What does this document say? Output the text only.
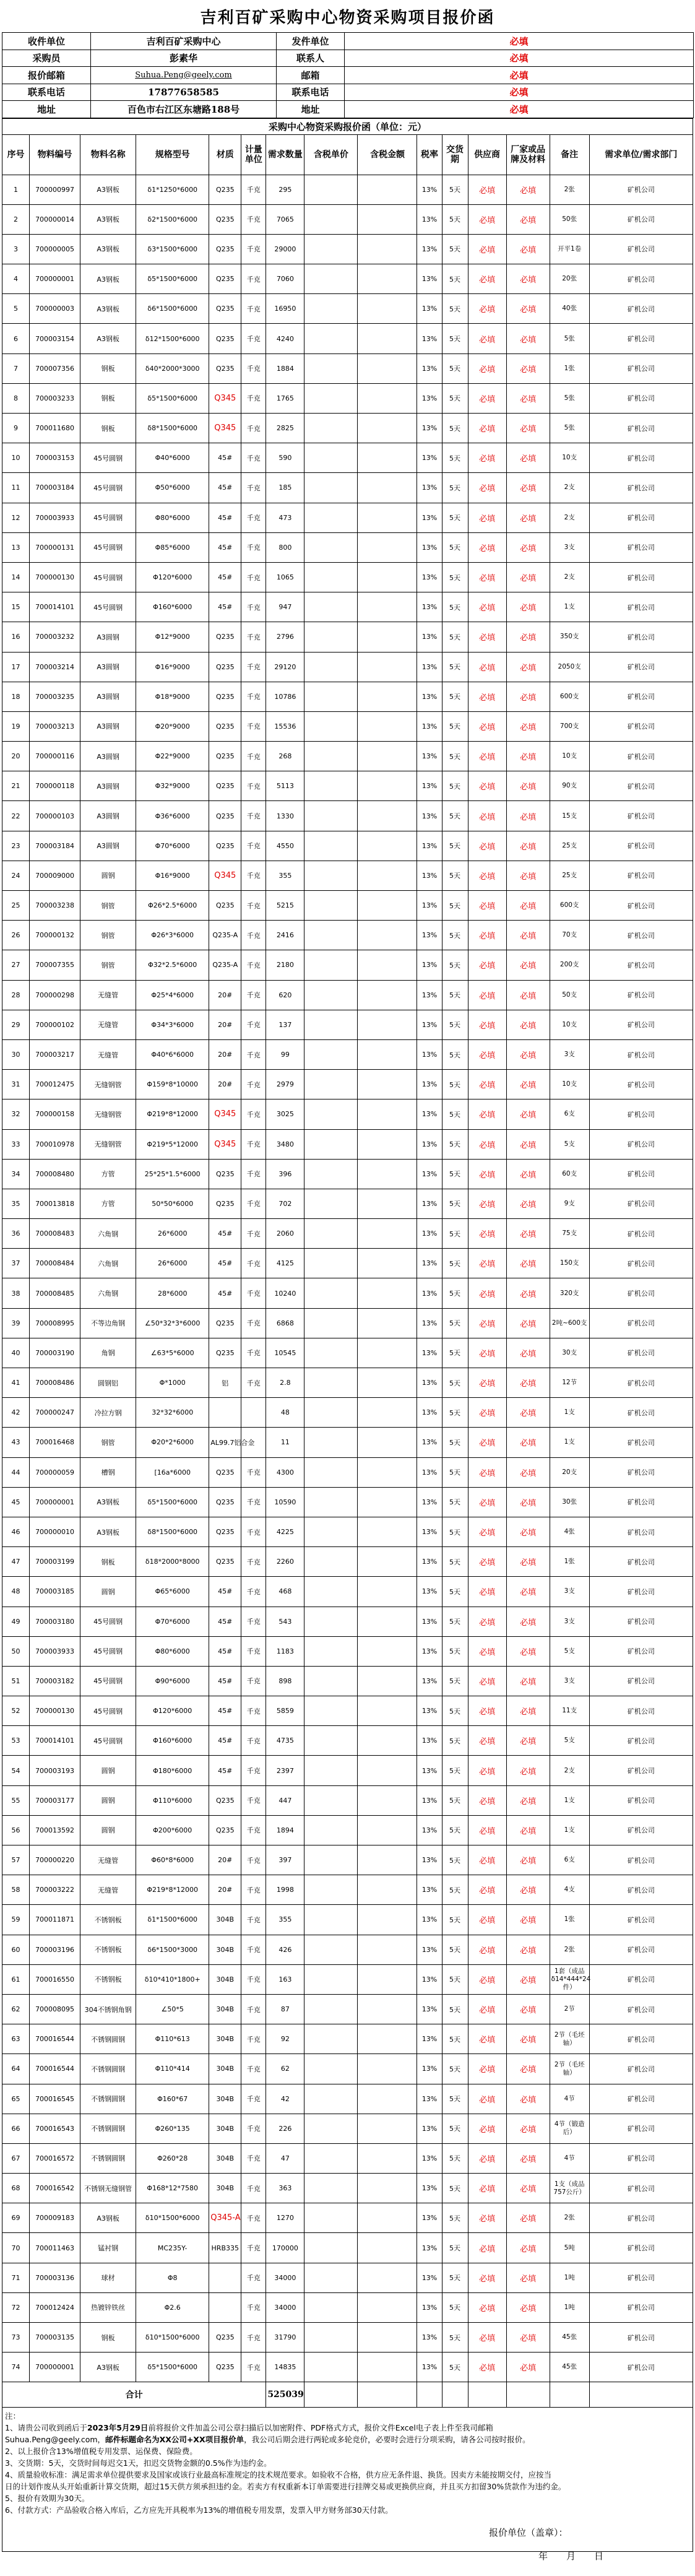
吉利百矿采购中心物资采购项目报价函
收件单位	吉利百矿采购中心	发件单位	必填
采购员	彭素华	联系人	必填
报价邮箱	Suhua.Peng@geely.com	邮箱	必填
联系电话	17877658585	联系电话	必填
地址	百色市右江区东塘路188号	地址	必填
采购中心物资采购报价函（单位：元）														
序号	物料编号	物料名称	规格型号	材质	计量单位	需求数量	含税单价	含税金额	税率	交货期	供应商	厂家或品牌及材料	备注	需求单位/需求部门
1	700000997	A3钢板	δ1*1250*6000	Q235	千克	295			13%	5天	必填	必填	2张	矿机公司
2	700000014	A3钢板	δ2*1500*6000	Q235	千克	7065			13%	5天	必填	必填	50张	矿机公司
3	700000005	A3钢板	δ3*1500*6000	Q235	千克	29000			13%	5天	必填	必填	开平1卷	矿机公司
4	700000001	A3钢板	δ5*1500*6000	Q235	千克	7060			13%	5天	必填	必填	20张	矿机公司
5	700000003	A3钢板	δ6*1500*6000	Q235	千克	16950			13%	5天	必填	必填	40张	矿机公司
6	700003154	A3钢板	δ12*1500*6000	Q235	千克	4240			13%	5天	必填	必填	5张	矿机公司
7	700007356	钢板	δ40*2000*3000	Q235	千克	1884			13%	5天	必填	必填	1张	矿机公司
8	700003233	钢板	δ5*1500*6000	Q345	千克	1765			13%	5天	必填	必填	5张	矿机公司
9	700011680	钢板	δ8*1500*6000	Q345	千克	2825			13%	5天	必填	必填	5张	矿机公司
10	700003153	45号圆钢	Φ40*6000	45#	千克	590			13%	5天	必填	必填	10支	矿机公司
11	700003184	45号圆钢	Φ50*6000	45#	千克	185			13%	5天	必填	必填	2支	矿机公司
12	700003933	45号圆钢	Φ80*6000	45#	千克	473			13%	5天	必填	必填	2支	矿机公司
13	700000131	45号圆钢	Φ85*6000	45#	千克	800			13%	5天	必填	必填	3支	矿机公司
14	700000130	45号圆钢	Φ120*6000	45#	千克	1065			13%	5天	必填	必填	2支	矿机公司
15	700014101	45号圆钢	Φ160*6000	45#	千克	947			13%	5天	必填	必填	1支	矿机公司
16	700003232	A3圆钢	Φ12*9000	Q235	千克	2796			13%	5天	必填	必填	350支	矿机公司
17	700003214	A3圆钢	Φ16*9000	Q235	千克	29120			13%	5天	必填	必填	2050支	矿机公司
18	700003235	A3圆钢	Φ18*9000	Q235	千克	10786			13%	5天	必填	必填	600支	矿机公司
19	700003213	A3圆钢	Φ20*9000	Q235	千克	15536			13%	5天	必填	必填	700支	矿机公司
20	700000116	A3圆钢	Φ22*9000	Q235	千克	268			13%	5天	必填	必填	10支	矿机公司
21	700000118	A3圆钢	Φ32*9000	Q235	千克	5113			13%	5天	必填	必填	90支	矿机公司
22	700000103	A3圆钢	Φ36*6000	Q235	千克	1330			13%	5天	必填	必填	15支	矿机公司
23	700003184	A3圆钢	Φ70*6000	Q235	千克	4550			13%	5天	必填	必填	25支	矿机公司
24	700009000	圆钢	Φ16*9000	Q345	千克	355			13%	5天	必填	必填	25支	矿机公司
25	700003238	钢管	Φ26*2.5*6000	Q235	千克	5215			13%	5天	必填	必填	600支	矿机公司
26	700000132	钢管	Φ26*3*6000	Q235-A	千克	2416			13%	5天	必填	必填	70支	矿机公司
27	700007355	钢管	Φ32*2.5*6000	Q235-A	千克	2180			13%	5天	必填	必填	200支	矿机公司
28	700000298	无缝管	Φ25*4*6000	20#	千克	620			13%	5天	必填	必填	50支	矿机公司
29	700000102	无缝管	Φ34*3*6000	20#	千克	137			13%	5天	必填	必填	10支	矿机公司
30	700003217	无缝管	Φ40*6*6000	20#	千克	99			13%	5天	必填	必填	3支	矿机公司
31	700012475	无缝钢管	Φ159*8*10000	20#	千克	2979			13%	5天	必填	必填	10支	矿机公司
32	700000158	无缝钢管	Φ219*8*12000	Q345	千克	3025			13%	5天	必填	必填	6支	矿机公司
33	700010978	无缝钢管	Φ219*5*12000	Q345	千克	3480			13%	5天	必填	必填	5支	矿机公司
34	700008480	方管	25*25*1.5*6000	Q235	千克	396			13%	5天	必填	必填	60支	矿机公司
35	700013818	方管	50*50*6000	Q235	千克	702			13%	5天	必填	必填	9支	矿机公司
36	700008483	六角钢	26*6000	45#	千克	2060			13%	5天	必填	必填	75支	矿机公司
37	700008484	六角钢	26*6000	45#	千克	4125			13%	5天	必填	必填	150支	矿机公司
38	700008485	六角钢	28*6000	45#	千克	10240			13%	5天	必填	必填	320支	矿机公司
39	700008995	不等边角钢	∠50*32*3*6000	Q235	千克	6868			13%	5天	必填	必填	2吨~600支	矿机公司
40	700003190	角钢	∠63*5*6000	Q235	千克	10545			13%	5天	必填	必填	30支	矿机公司
41	700008486	圆钢铝	Φ*1000	铝	千克	2.8			13%	5天	必填	必填	12节	矿机公司
42	700000247	冷拉方钢	32*32*6000			48			13%	5天	必填	必填	1支	矿机公司
43	700016468	钢管	Φ20*2*6000	AL99.7铝合金		11			13%	5天	必填	必填	1支	矿机公司
44	700000059	槽钢	[16a*6000	Q235	千克	4300			13%	5天	必填	必填	20支	矿机公司
45	700000001	A3钢板	δ5*1500*6000	Q235	千克	10590			13%	5天	必填	必填	30张	矿机公司
46	700000010	A3钢板	δ8*1500*6000	Q235	千克	4225			13%	5天	必填	必填	4张	矿机公司
47	700003199	钢板	δ18*2000*8000	Q235	千克	2260			13%	5天	必填	必填	1张	矿机公司
48	700003185	圆钢	Φ65*6000	45#	千克	468			13%	5天	必填	必填	3支	矿机公司
49	700003180	45号圆钢	Φ70*6000	45#	千克	543			13%	5天	必填	必填	3支	矿机公司
50	700003933	45号圆钢	Φ80*6000	45#	千克	1183			13%	5天	必填	必填	5支	矿机公司
51	700003182	45号圆钢	Φ90*6000	45#	千克	898			13%	5天	必填	必填	3支	矿机公司
52	700000130	45号圆钢	Φ120*6000	45#	千克	5859			13%	5天	必填	必填	11支	矿机公司
53	700014101	45号圆钢	Φ160*6000	45#	千克	4735			13%	5天	必填	必填	5支	矿机公司
54	700003193	圆钢	Φ180*6000	45#	千克	2397			13%	5天	必填	必填	2支	矿机公司
55	700003177	圆钢	Φ110*6000	Q235	千克	447			13%	5天	必填	必填	1支	矿机公司
56	700013592	圆钢	Φ200*6000	Q235	千克	1894			13%	5天	必填	必填	1支	矿机公司
57	700000220	无缝管	Φ60*8*6000	20#	千克	397			13%	5天	必填	必填	6支	矿机公司
58	700003222	无缝管	Φ219*8*12000	20#	千克	1998			13%	5天	必填	必填	4支	矿机公司
59	700011871	不锈钢板	δ1*1500*6000	304B	千克	355			13%	5天	必填	必填	1张	矿机公司
60	700003196	不锈钢板	δ6*1500*3000	304B	千克	426			13%	5天	必填	必填	2张	矿机公司
61	700016550	不锈钢板	δ10*410*1800+	304B	千克	163			13%	5天	必填	必填	1套（成品δ14*444*24件）	矿机公司
62	700008095	304不锈钢角钢	∠50*5	304B	千克	87			13%	5天	必填	必填	2节	矿机公司
63	700016544	不锈钢圆钢	Φ110*613	304B	千克	92			13%	5天	必填	必填	2节（毛坯轴）	矿机公司
64	700016544	不锈钢圆钢	Φ110*414	304B	千克	62			13%	5天	必填	必填	2节（毛坯轴）	矿机公司
65	700016545	不锈钢圆钢	Φ160*67	304B	千克	42			13%	5天	必填	必填	4节	矿机公司
66	700016543	不锈钢圆钢	Φ260*135	304B	千克	226			13%	5天	必填	必填	4节（锻造后）	矿机公司
67	700016572	不锈钢圆钢	Φ260*28	304B	千克	47			13%	5天	必填	必填	4节	矿机公司
68	700016542	不锈钢无缝钢管	Φ168*12*7580	304B	千克	363			13%	5天	必填	必填	1支（成品757公斤）	矿机公司
69	700009183	A3钢板	δ10*1500*6000	Q345-A	千克	1270			13%	5天	必填	必填	2张	矿机公司
70	700011463	锰衬钢	MC235Y-	HRB335	千克	170000			13%	5天	必填	必填	5吨	矿机公司
71	700003136	球材	Φ8		千克	34000			13%	5天	必填	必填	1吨	矿机公司
72	700012424	热镀锌铁丝	Φ2.6		千克	34000			13%	5天	必填	必填	1吨	矿机公司
73	700003135	钢板	δ10*1500*6000	Q235	千克	31790			13%	5天	必填	必填	45张	矿机公司
74	700000001	A3钢板	δ5*1500*6000	Q235	千克	14835			13%	5天	必填	必填	45张	矿机公司
合计						525039								

注：

1、请贵公司收到函后于2023年5月29日前将报价文件加盖公司公章扫描后以加密附件、PDF格式方式，报价文件Excel电子表上件至我司邮箱

Suhua.Peng@geely.com，邮件标题命名为XX公司+XX项目报价单，我公司后期会进行两轮或多轮竞价，必要时会进行分项采购，请各公司按时报价。

2、以上报价含13%增值税专用发票、运保费、保险费。

3、交货期：5天，交货时间每迟交1天，扣迟交货物金额的0.5%作为违约金。

4、质量验收标准：满足需求单位提供要求及国家或该行业最高标准规定的技术规范要求。如验收不合格，供方应无条件退、换货。因卖方未能按期交付，应按当

日的计划作废从头开始重新计算交货期，超过15天供方须承担违约金。若卖方有权重新本订单需要进行挂牌交易或更换供应商，并且买方扣留30%货款作为违约金。

5、报价有效期为30天。

6、付款方式：产品验收合格入库后，乙方应先开具税率为13%的增值税专用发票，发票入甲方财务部30天付款。

报价单位（盖章）：
年　　月　　日
